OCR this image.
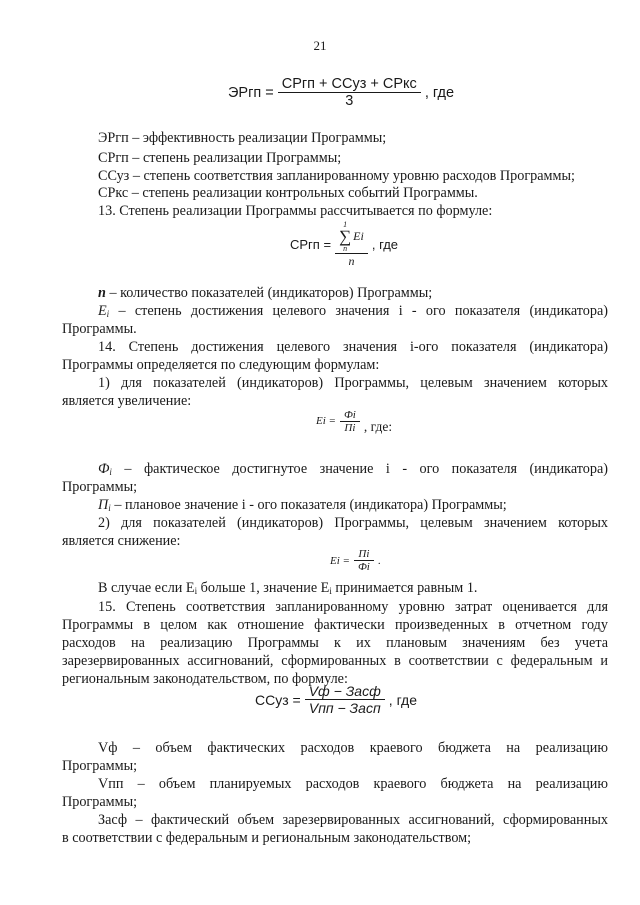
21
ЭРгп = $\frac{\text{СРгп + ССуз + СРкс}}{3}$ , где
ЭРгп – эффективность реализации Программы;
СРгп – степень реализации Программы;
ССуз – степень соответствия запланированному уровню расходов Программы;
СРкс – степень реализации контрольных событий Программы.
13. Степень реализации Программы рассчитывается по формуле:
СРгп = 1
∑
n
Ei
n , где
n – количество показателей (индикаторов) Программы;
$E_i$ – степень достижения целевого значения i - ого показателя (индикатора)
Программы.
14. Степень достижения целевого значения i-ого показателя (индикатора)
Программы определяется по следующим формулам:
1) для показателей (индикаторов) Программы, целевым значением которых
является увеличение:
$Ei = \frac{Фi}{Пi}$ , где:
$Ф_i$ – фактическое достигнутое значение i - ого показателя (индикатора)
Программы;
$П_i$ – плановое значение i - ого показателя (индикатора) Программы;
2) для показателей (индикаторов) Программы, целевым значением которых
является снижение:
$Ei = \frac{Пi}{Фi}$ .
В случае если $E_i$ больше 1, значение $E_i$ принимается равным 1.
15. Степень соответствия запланированному уровню затрат оценивается для
Программы в целом как отношение фактически произведенных в отчетном году
расходов на реализацию Программы к их плановым значениям без учета
зарезервированных ассигнований, сформированных в соответствии с федеральным и
региональным законодательством, по формуле:
ССуз = $\frac{\text{Vф − Засф}}{\text{Vпп − Засп}}$ , где
Vф – объем фактических расходов краевого бюджета на реализацию
Программы;
Vпп – объем планируемых расходов краевого бюджета на реализацию
Программы;
Засф – фактический объем зарезервированных ассигнований, сформированных
в соответствии с федеральным и региональным законодательством;
